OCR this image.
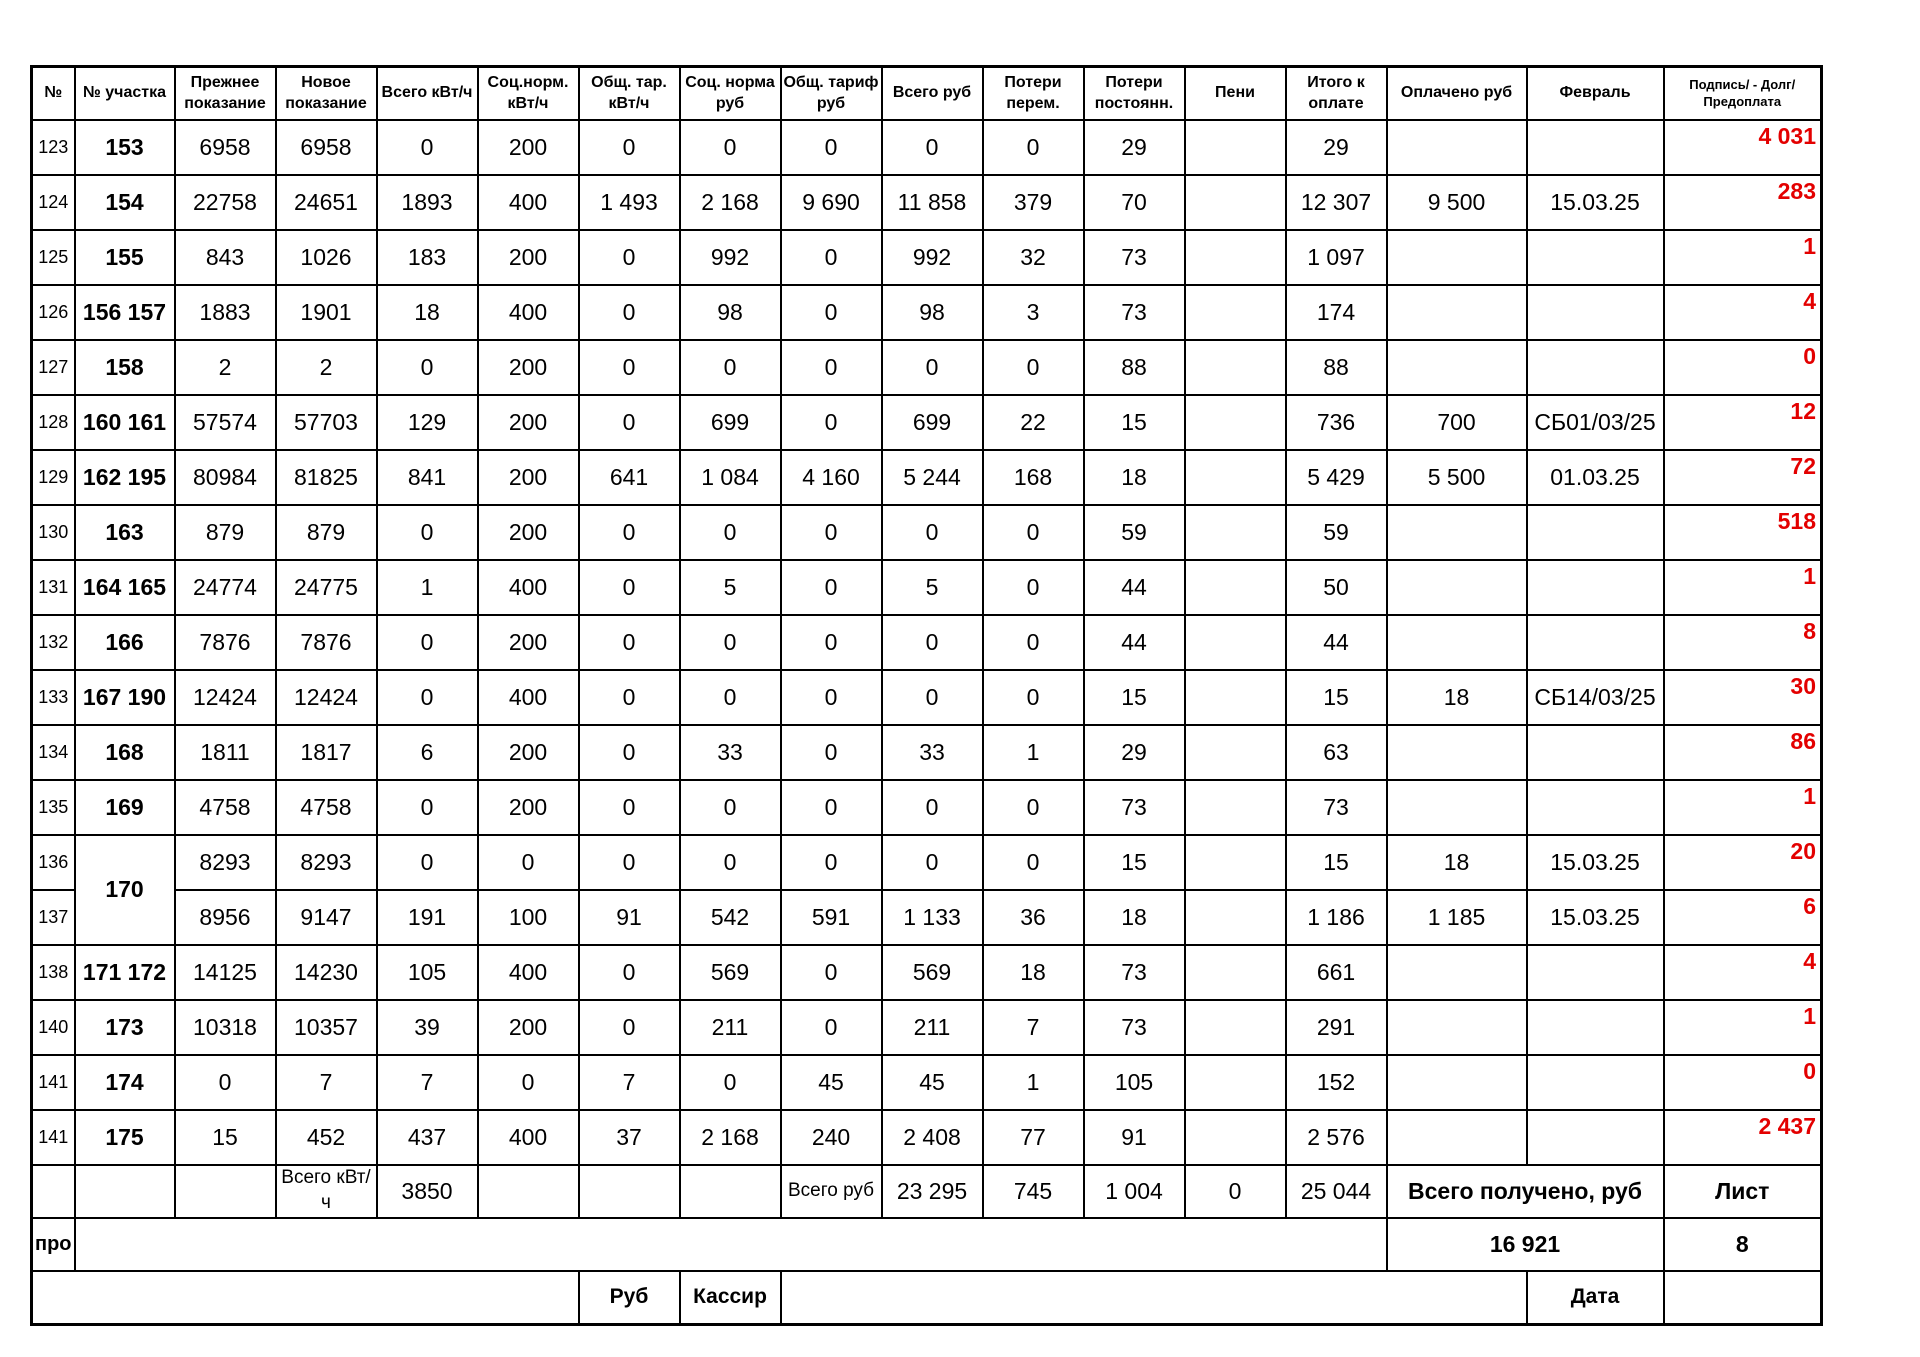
№	№ участка	Прежнее показание	Новое показание	Всего кВт/ч	Соц.норм. кВт/ч	Общ. тар. кВт/ч	Соц. норма руб	Общ. тариф руб	Всего руб	Потери перем.	Потери постоянн.	Пени	Итого к оплате	Оплачено руб	Февраль	Подпись/ - Долг/Предоплата
123	153	6958	6958	0	200	0	0	0	0	0	29		29			4 031
124	154	22758	24651	1893	400	1 493	2 168	9 690	11 858	379	70		12 307	9 500	15.03.25	283
125	155	843	1026	183	200	0	992	0	992	32	73		1 097			1
126	156 157	1883	1901	18	400	0	98	0	98	3	73		174			4
127	158	2	2	0	200	0	0	0	0	0	88		88			0
128	160 161	57574	57703	129	200	0	699	0	699	22	15		736	700	СБ01/03/25	12
129	162 195	80984	81825	841	200	641	1 084	4 160	5 244	168	18		5 429	5 500	01.03.25	72
130	163	879	879	0	200	0	0	0	0	0	59		59			518
131	164 165	24774	24775	1	400	0	5	0	5	0	44		50			1
132	166	7876	7876	0	200	0	0	0	0	0	44		44			8
133	167 190	12424	12424	0	400	0	0	0	0	0	15		15	18	СБ14/03/25	30
134	168	1811	1817	6	200	0	33	0	33	1	29		63			86
135	169	4758	4758	0	200	0	0	0	0	0	73		73			1
136	170	8293	8293	0	0	0	0	0	0	0	15		15	18	15.03.25	20
137		8956	9147	191	100	91	542	591	1 133	36	18		1 186	1 185	15.03.25	6
138	171 172	14125	14230	105	400	0	569	0	569	18	73		661			4
140	173	10318	10357	39	200	0	211	0	211	7	73		291			1
141	174	0	7	7	0	7	0	45	45	1	105		152			0
141	175	15	452	437	400	37	2 168	240	2 408	77	91		2 576			2 437
			Всего кВт/ч	3850				Всего руб	23 295	745	1 004	0	25 044	Всего получено, руб		Лист
про														16 921		8
						Руб	Кассир								Дата	
